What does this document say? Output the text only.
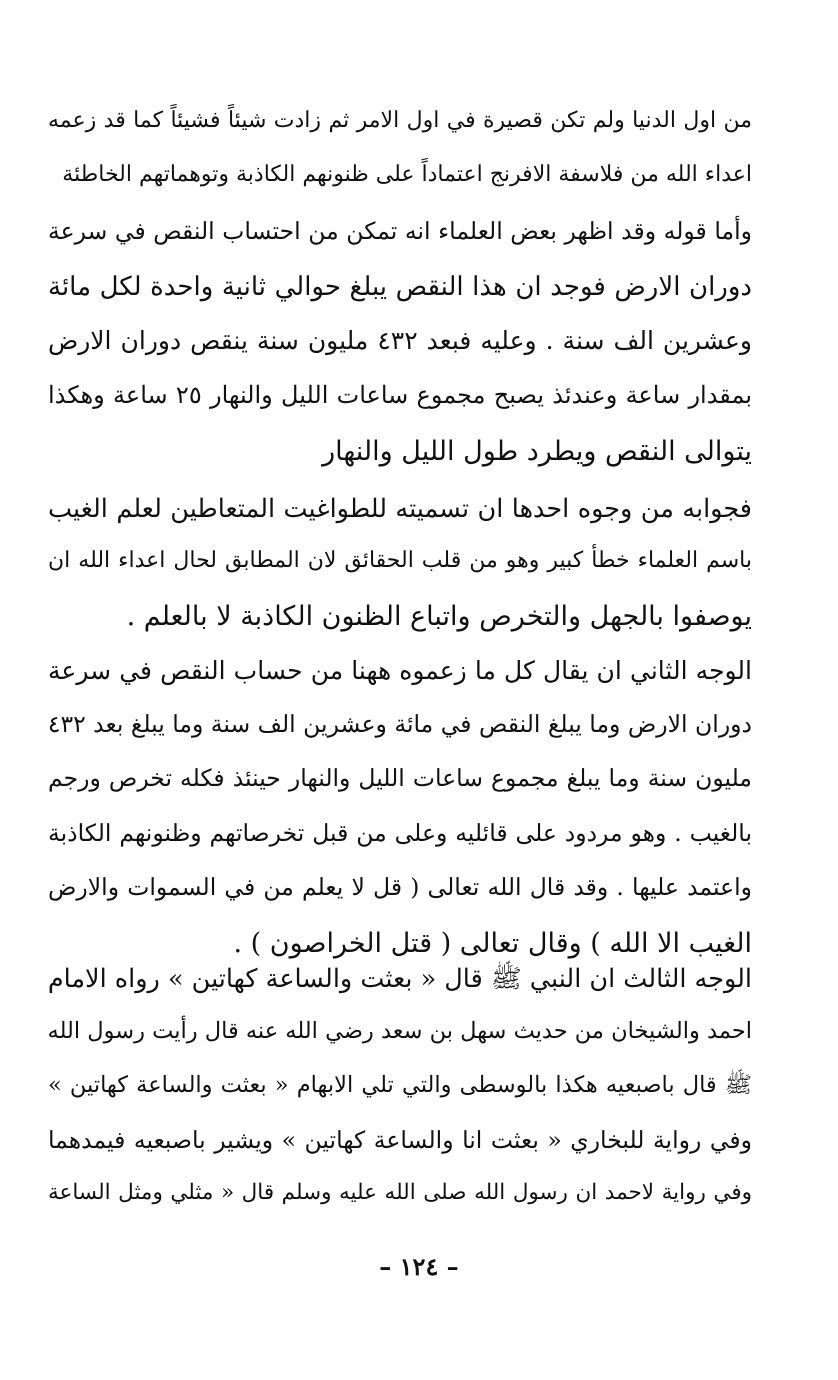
من اول الدنيا ولم تكن قصيرة في اول الامر ثم زادت شيئاً فشيئاً كما قد زعمه
اعداء الله من فلاسفة الافرنج اعتماداً على ظنونهم الكاذبة وتوهماتهم الخاطئة
وأما قوله وقد اظهر بعض العلماء انه تمكن من احتساب النقص في سرعة
دوران الارض فوجد ان هذا النقص يبلغ حوالي ثانية واحدة لكل مائة
وعشرين الف سنة . وعليه فبعد ٤٣٢ مليون سنة ينقص دوران الارض
بمقدار ساعة وعندئذ يصبح مجموع ساعات الليل والنهار ٢٥ ساعة وهكذا
يتوالى النقص ويطرد طول الليل والنهار
فجوابه من وجوه احدها ان تسميته للطواغيت المتعاطين لعلم الغيب
باسم العلماء خطأ كبير وهو من قلب الحقائق لان المطابق لحال اعداء الله ان
يوصفوا بالجهل والتخرص واتباع الظنون الكاذبة لا بالعلم .
الوجه الثاني ان يقال كل ما زعموه ههنا من حساب النقص في سرعة
دوران الارض وما يبلغ النقص في مائة وعشرين الف سنة وما يبلغ بعد ٤٣٢
مليون سنة وما يبلغ مجموع ساعات الليل والنهار حينئذ فكله تخرص ورجم
بالغيب . وهو مردود على قائليه وعلى من قبل تخرصاتهم وظنونهم الكاذبة
واعتمد عليها . وقد قال الله تعالى ( قل لا يعلم من في السموات والارض
الغيب الا الله ) وقال تعالى ( قتل الخراصون ) .
الوجه الثالث ان النبي ﷺ قال « بعثت والساعة كهاتين » رواه الامام
احمد والشيخان من حديث سهل بن سعد رضي الله عنه قال رأيت رسول الله
ﷺ قال باصبعيه هكذا بالوسطى والتي تلي الابهام « بعثت والساعة كهاتين »
وفي رواية للبخاري « بعثت انا والساعة كهاتين » ويشير باصبعيه فيمدهما
وفي رواية لاحمد ان رسول الله صلى الله عليه وسلم قال « مثلي ومثل الساعة
– ١٢٤ –
